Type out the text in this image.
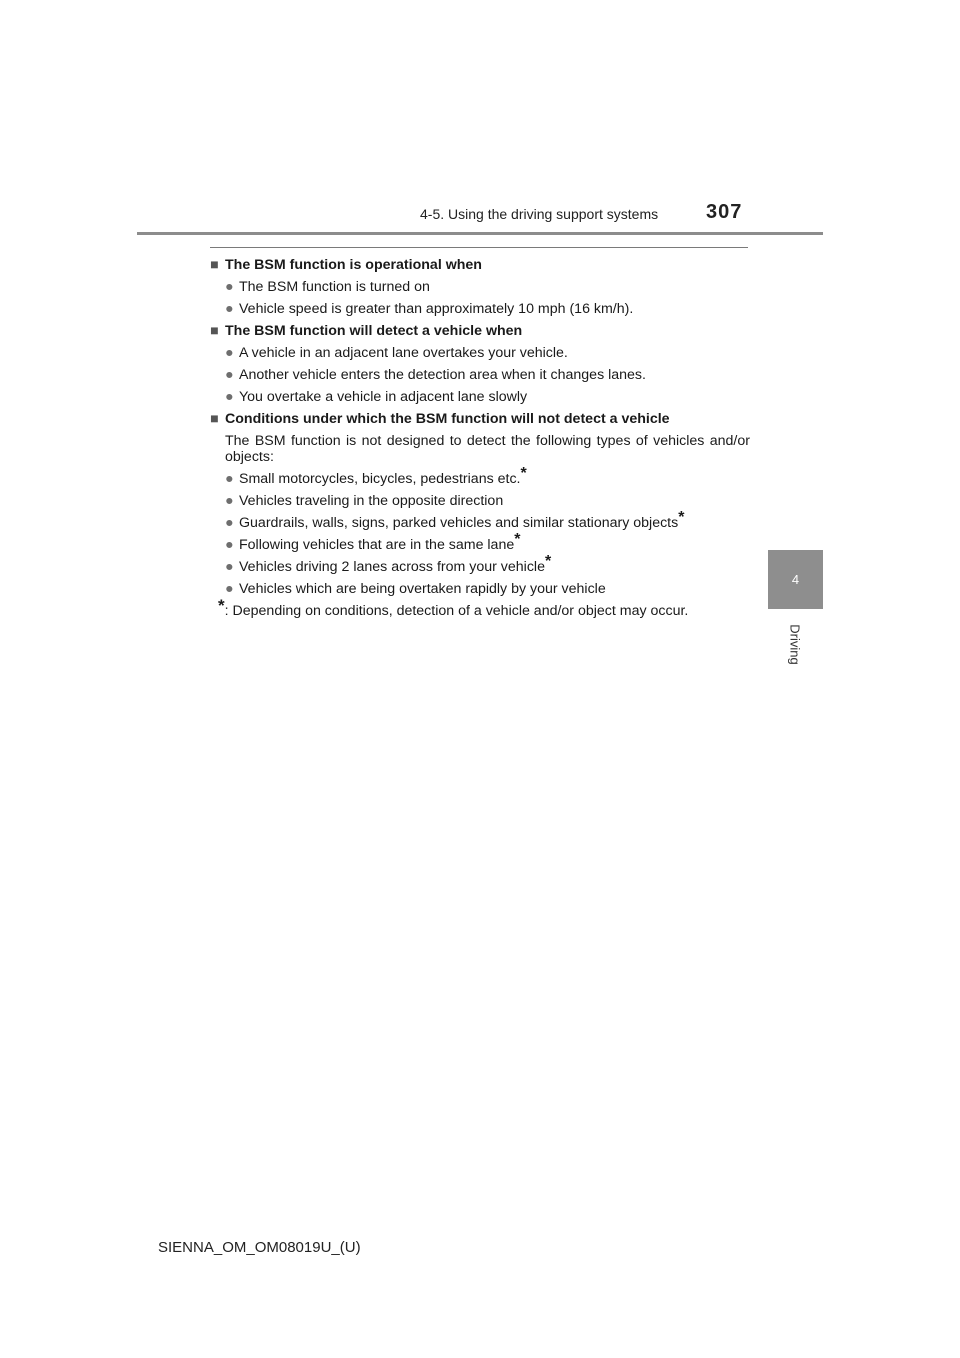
4-5. Using the driving support systems 307
4
Driving
■ The BSM function is operational when
● The BSM function is turned on
● Vehicle speed is greater than approximately 10 mph (16 km/h).
■ The BSM function will detect a vehicle when
● A vehicle in an adjacent lane overtakes your vehicle.
● Another vehicle enters the detection area when it changes lanes.
● You overtake a vehicle in adjacent lane slowly
■ Conditions under which the BSM function will not detect a vehicle
The BSM function is not designed to detect the following types of vehicles and/or objects:
● Small motorcycles, bicycles, pedestrians etc.*
● Vehicles traveling in the opposite direction
● Guardrails, walls, signs, parked vehicles and similar stationary objects*
● Following vehicles that are in the same lane*
● Vehicles driving 2 lanes across from your vehicle*
● Vehicles which are being overtaken rapidly by your vehicle
*: Depending on conditions, detection of a vehicle and/or object may occur.
SIENNA_OM_OM08019U_(U)
